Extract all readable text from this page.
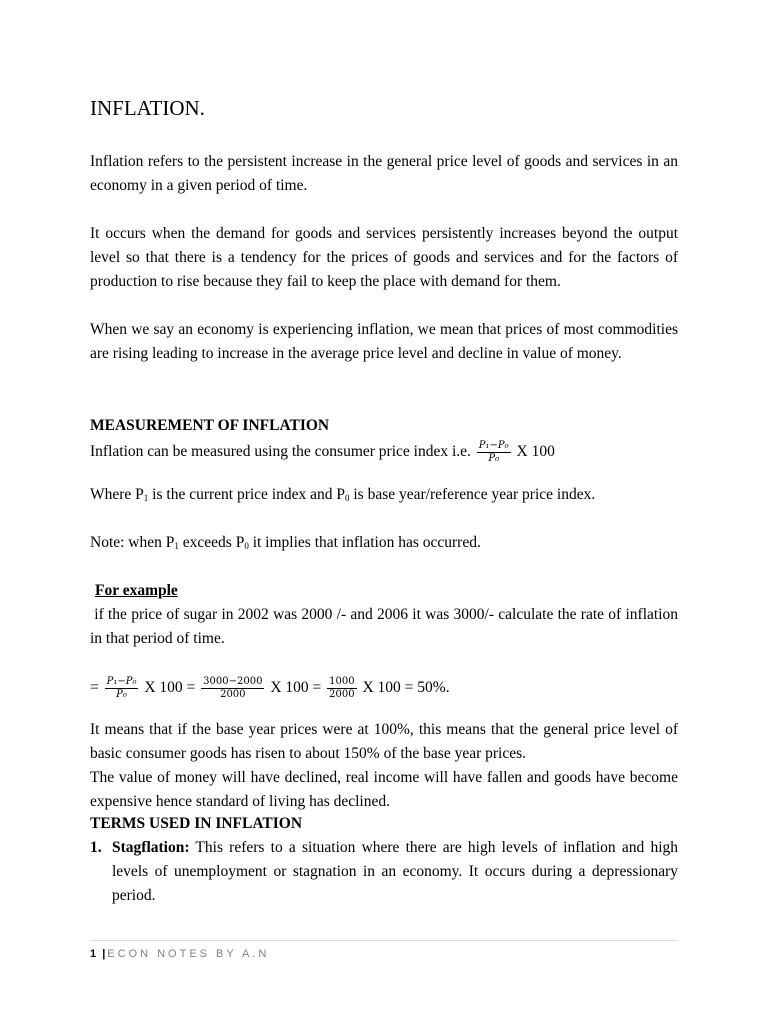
INFLATION.

Inflation refers to the persistent increase in the general price level of goods and services in an economy in a given period of time.

It occurs when the demand for goods and services persistently increases beyond the output level so that there is a tendency for the prices of goods and services and for the factors of production to rise because they fail to keep the place with demand for them.

When we say an economy is experiencing inflation, we mean that prices of most commodities are rising leading to increase in the average price level and decline in value of money.

MEASUREMENT OF INFLATION
Inflation can be measured using the consumer price index i.e. $\frac{\text{P₁−P₀}}{\text{P₀}}$ X 100
Where $P_1$ is the current price index and $P_0$ is base year/reference year price index.
Note: when $P_1$ exceeds $P_0$ it implies that inflation has occurred.
For example

if the price of sugar in 2002 was 2000 /- and 2006 it was 3000/- calculate the rate of inflation in that period of time.

= $\frac{\text{P₁−P₀}}{\text{P₀}}$ X $100 = \frac{3000-2000}{2000}$ X $100 = \frac{1000}{2000}$ X 100 = 50%.

It means that if the base year prices were at 100%, this means that the general price level of basic consumer goods has risen to about 150% of the base year prices.

The value of money will have declined, real income will have fallen and goods have become expensive hence standard of living has declined.

TERMS USED IN INFLATION
1. Stagflation: This refers to a situation where there are high levels of inflation and high levels of unemployment or stagnation in an economy. It occurs during a depressionary period.
1 | ECON NOTES BY A.N
